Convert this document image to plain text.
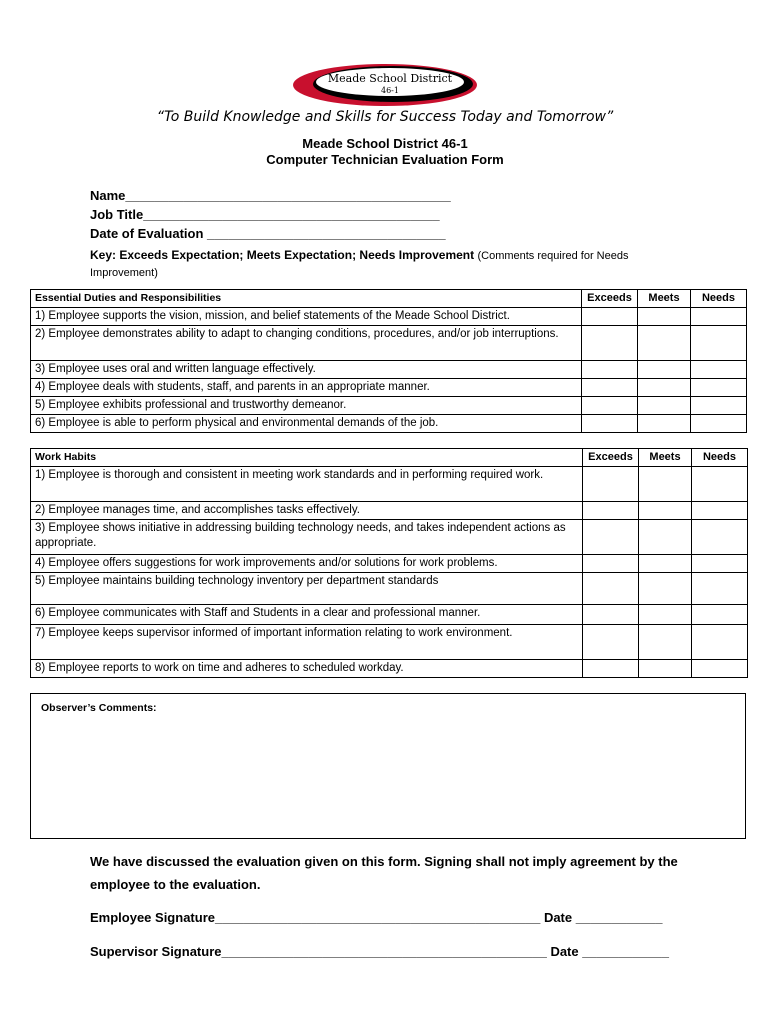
Meade School District
46-1
“To Build Knowledge and Skills for Success Today and Tomorrow”
Meade School District 46-1
Computer Technician Evaluation Form
Name_____________________________________________
Job Title_________________________________________
Date of Evaluation _________________________________
Key: Exceeds Expectation; Meets Expectation; Needs Improvement (Comments required for Needs Improvement)
Essential Duties and Responsibilities	Exceeds	Meets	Needs
1) Employee supports the vision, mission, and belief statements of the Meade School District.			
2) Employee demonstrates ability to adapt to changing conditions, procedures, and/or job interruptions.			
3) Employee uses oral and written language effectively.			
4) Employee deals with students, staff, and parents in an appropriate manner.			
5) Employee exhibits professional and trustworthy demeanor.			
6) Employee is able to perform physical and environmental demands of the job.			
Work Habits	Exceeds	Meets	Needs
1) Employee is thorough and consistent in meeting work standards and in performing required work.			
2) Employee manages time, and accomplishes tasks effectively.			
3) Employee shows initiative in addressing building technology needs, and takes independent actions as appropriate.			
4) Employee offers suggestions for work improvements and/or solutions for work problems.			
5) Employee maintains building technology inventory per department standards			
6) Employee communicates with Staff and Students in a clear and professional manner.			
7) Employee keeps supervisor informed of important information relating to work environment.			
8) Employee reports to work on time and adheres to scheduled workday.			
Observer’s Comments:
We have discussed the evaluation given on this form. Signing shall not imply agreement by the employee to the evaluation.
Employee Signature_____________________________________________ Date ____________
Supervisor Signature_____________________________________________ Date ____________
